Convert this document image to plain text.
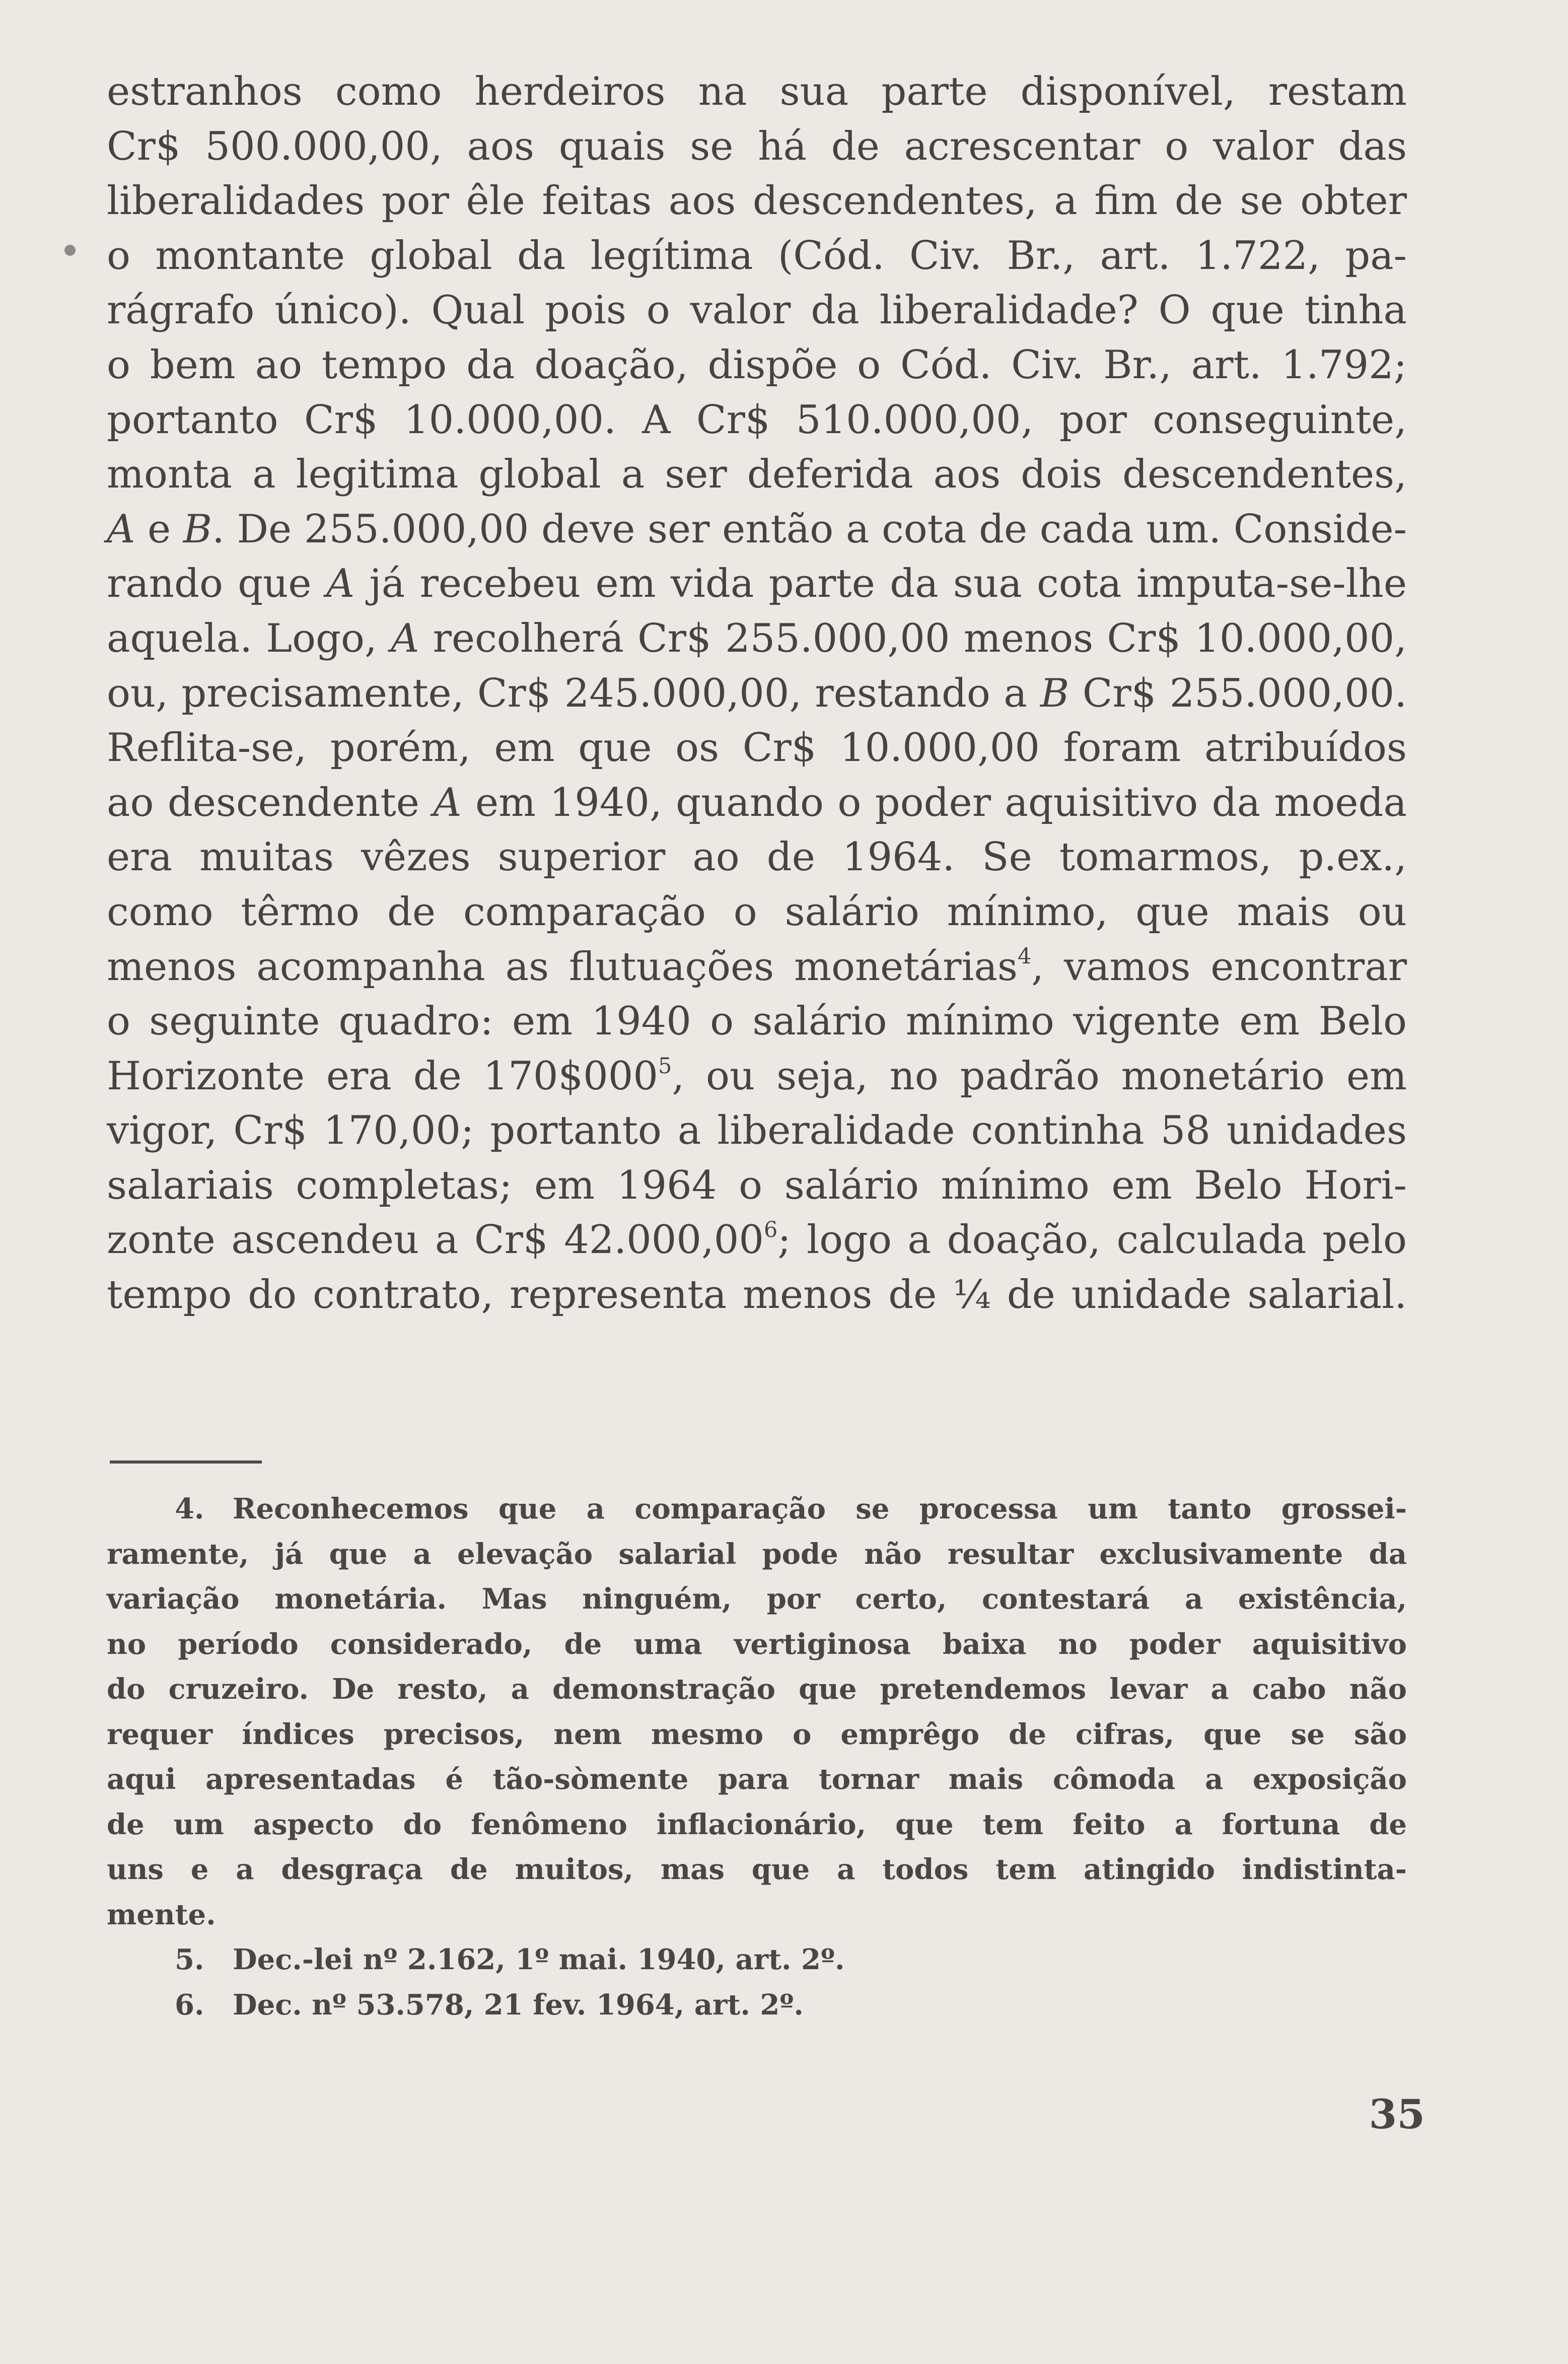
estranhos como herdeiros na sua parte disponível, restam
Cr$ 500.000,00, aos quais se há de acrescentar o valor das
liberalidades por êle feitas aos descendentes, a fim de se obter
o montante global da legítima (Cód. Civ. Br., art. 1.722, pa-
rágrafo único). Qual pois o valor da liberalidade? O que tinha
o bem ao tempo da doação, dispõe o Cód. Civ. Br., art. 1.792;
portanto Cr$ 10.000,00. A Cr$ 510.000,00, por conseguinte,
monta a legitima global a ser deferida aos dois descendentes,
A e B. De 255.000,00 deve ser então a cota de cada um. Conside-
rando que A já recebeu em vida parte da sua cota imputa-se-lhe
aquela. Logo, A recolherá Cr$ 255.000,00 menos Cr$ 10.000,00,
ou, precisamente, Cr$ 245.000,00, restando a B Cr$ 255.000,00.
Reflita-se, porém, em que os Cr$ 10.000,00 foram atribuídos
ao descendente A em 1940, quando o poder aquisitivo da moeda
era muitas vêzes superior ao de 1964. Se tomarmos, p.ex.,
como têrmo de comparação o salário mínimo, que mais ou
menos acompanha as flutuações monetárias$^4$, vamos encontrar
o seguinte quadro: em 1940 o salário mínimo vigente em Belo
Horizonte era de $170\$000^5$, ou seja, no padrão monetário em
vigor, Cr$ 170,00; portanto a liberalidade continha 58 unidades
salariais completas; em 1964 o salário mínimo em Belo Hori-
zonte ascendeu a Cr$ 42.000,00$^6$; logo a doação, calculada pelo
tempo do contrato, representa menos de ¼ de unidade salarial.
4. Reconhecemos que a comparação se processa um tanto grossei-
ramente, já que a elevação salarial pode não resultar exclusivamente da
variação monetária. Mas ninguém, por certo, contestará a existência,
no período considerado, de uma vertiginosa baixa no poder aquisitivo
do cruzeiro. De resto, a demonstração que pretendemos levar a cabo não
requer índices precisos, nem mesmo o emprêgo de cifras, que se são
aqui apresentadas é tão-sòmente para tornar mais cômoda a exposição
de um aspecto do fenômeno inflacionário, que tem feito a fortuna de
uns e a desgraça de muitos, mas que a todos tem atingido indistinta-
mente.
5. Dec.-lei nº 2.162, 1º mai. 1940, art. 2º.
6. Dec. nº 53.578, 21 fev. 1964, art. 2º.
35
